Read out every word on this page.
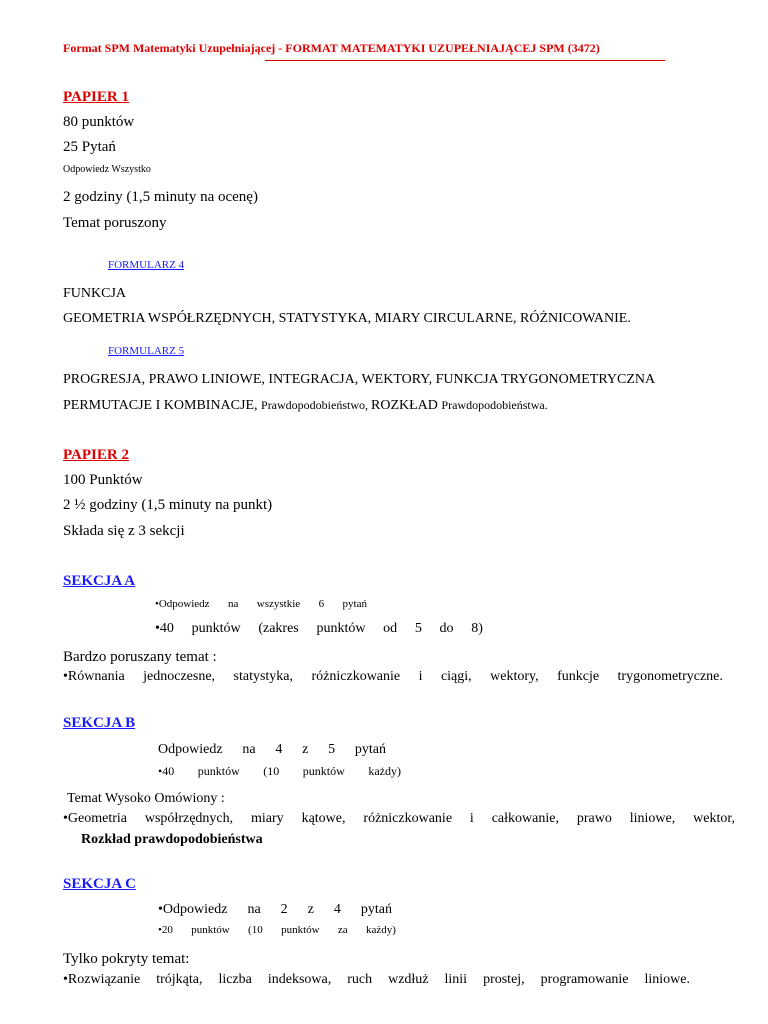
Format SPM Matematyki Uzupełniającej - FORMAT MATEMATYKI UZUPEŁNIAJĄCEJ SPM (3472)
PAPIER 1
80 punktów
25 Pytań
Odpowiedz Wszystko
2 godziny (1,5 minuty na ocenę)
Temat poruszony
FORMULARZ 4
FUNKCJA
GEOMETRIA WSPÓŁRZĘDNYCH, STATYSTYKA, MIARY CIRCULARNE, RÓŻNICOWANIE.
FORMULARZ 5
PROGRESJA, PRAWO LINIOWE, INTEGRACJA, WEKTORY, FUNKCJA TRYGONOMETRYCZNA
PERMUTACJE I KOMBINACJE, Prawdopodobieństwo, ROZKŁAD Prawdopodobieństwa.
PAPIER 2
100 Punktów
2 ½ godziny (1,5 minuty na punkt)
Składa się z 3 sekcji
SEKCJA A
•Odpowiedz na wszystkie 6 pytań
•40 punktów (zakres punktów od 5 do 8)
Bardzo poruszany temat :
•Równania jednoczesne, statystyka, różniczkowanie i ciągi, wektory, funkcje trygonometryczne.
SEKCJA B
Odpowiedz na 4 z 5 pytań
•40 punktów (10 punktów każdy)
Temat Wysoko Omówiony :
•Geometria współrzędnych, miary kątowe, różniczkowanie i całkowanie, prawo liniowe, wektor,
Rozkład prawdopodobieństwa
SEKCJA C
•Odpowiedz na 2 z 4 pytań
•20 punktów (10 punktów za każdy)
Tylko pokryty temat:
•Rozwiązanie trójkąta, liczba indeksowa, ruch wzdłuż linii prostej, programowanie liniowe.
